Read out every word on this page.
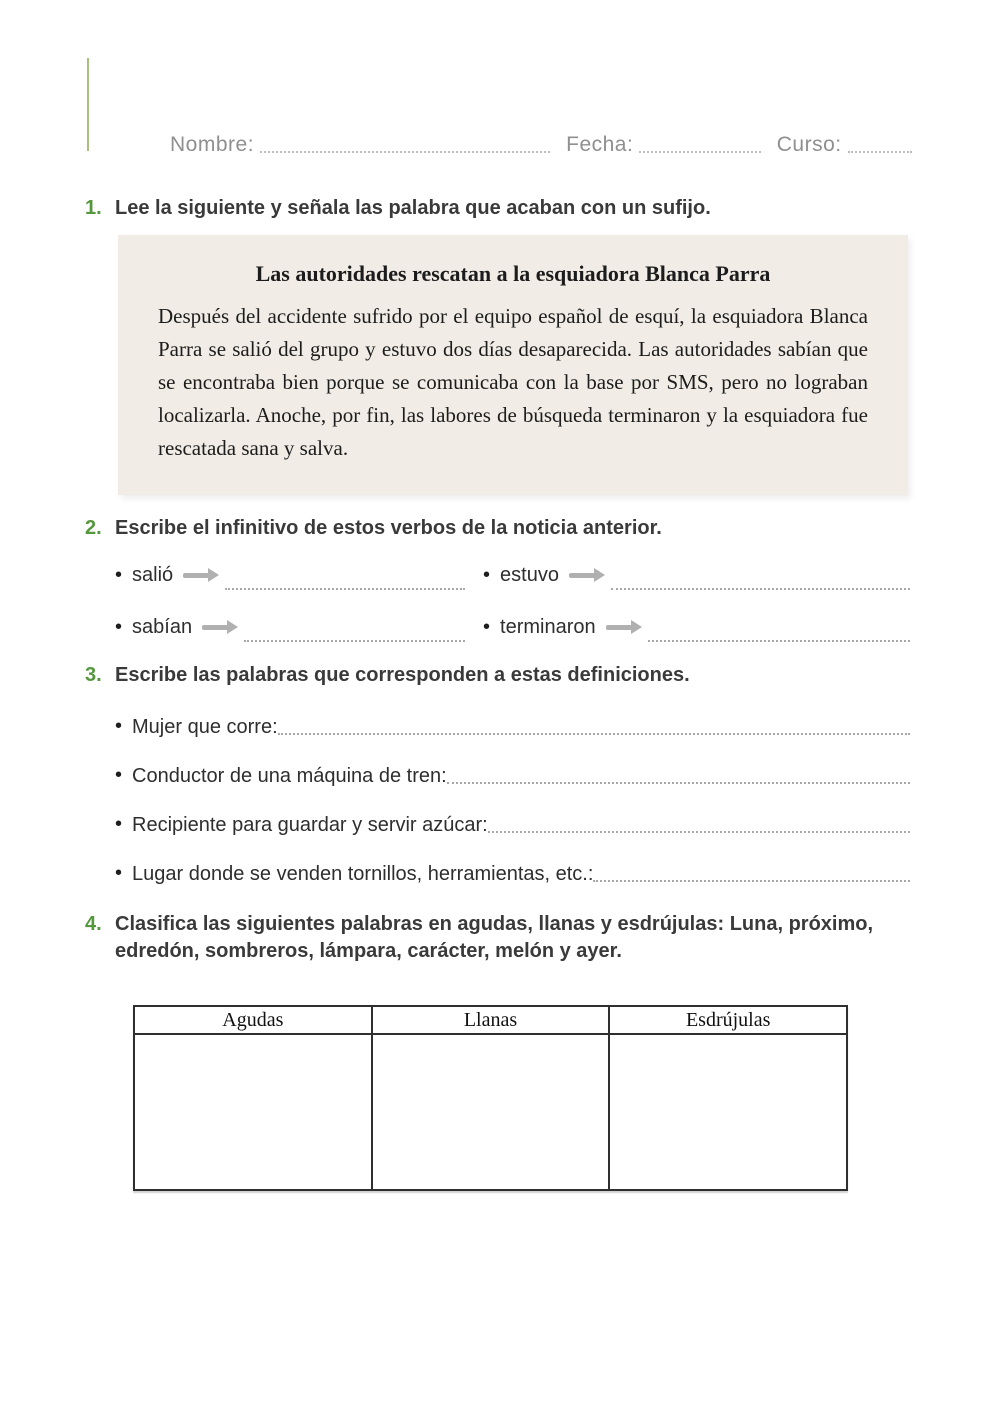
Nombre:	Fecha:	Curso:
1. Lee la siguiente y señala las palabra que acaban con un sufijo.
Las autoridades rescatan a la esquiadora Blanca Parra

Después del accidente sufrido por el equipo español de esquí, la esquiadora Blanca Parra se salió del grupo y estuvo dos días desaparecida. Las autoridades sabían que se encontraba bien porque se comunicaba con la base por SMS, pero no lograban localizarla. Anoche, por fin, las labores de búsqueda terminaron y la esquiadora fue rescatada sana y salva.

2. Escribe el infinitivo de estos verbos de la noticia anterior.
• salió	• estuvo
• sabían	• terminaron
3. Escribe las palabras que corresponden a estas definiciones.
• Mujer que corre:
• Conductor de una máquina de tren:
• Recipiente para guardar y servir azúcar:
• Lugar donde se venden tornillos, herramientas, etc.:
4. Clasifica las siguientes palabras en agudas, llanas y esdrújulas: Luna, próximo, edredón, sombreros, lámpara, carácter, melón y ayer.
Agudas	Llanas	Esdrújulas
